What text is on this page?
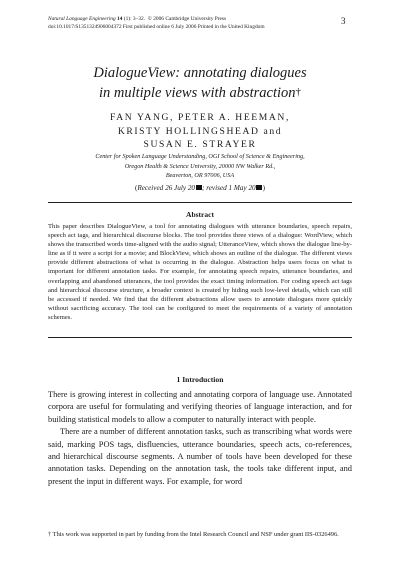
Natural Language Engineering 14 (1): 3–32. © 2006 Cambridge University Press
doi:10.1017/S1351324906004372 First published online 6 July 2006 Printed in the United Kingdom
3
DialogueView: annotating dialogues
in multiple views with abstraction†
FAN YANG, PETER A. HEEMAN,
KRISTY HOLLINGSHEAD and
SUSAN E. STRAYER
Center for Spoken Language Understanding, OGI School of Science & Engineering,
Oregon Health & Science University, 20000 NW Walker Rd.,
Beaverton, OR 97006, USA
(Received 26 July 20 ; revised 1 May 20 )
Abstract
This paper describes DialogueView, a tool for annotating dialogues with utterance boundaries, speech repairs, speech act tags, and hierarchical discourse blocks. The tool provides three views of a dialogue: WordView, which shows the transcribed words time-aligned with the audio signal; UtteranceView, which shows the dialogue line-by-line as if it were a script for a movie; and BlockView, which shows an outline of the dialogue. The different views provide different abstractions of what is occurring in the dialogue. Abstraction helps users focus on what is important for different annotation tasks. For example, for annotating speech repairs, utterance boundaries, and overlapping and abandoned utterances, the tool provides the exact timing information. For coding speech act tags and hierarchical discourse structure, a broader context is created by hiding such low-level details, which can still be accessed if needed. We find that the different abstractions allow users to annotate dialogues more quickly without sacrificing accuracy. The tool can be configured to meet the requirements of a variety of annotation schemes.
1 Introduction

There is growing interest in collecting and annotating corpora of language use. Annotated corpora are useful for formulating and verifying theories of language interaction, and for building statistical models to allow a computer to naturally interact with people.

There are a number of different annotation tasks, such as transcribing what words were said, marking POS tags, disfluencies, utterance boundaries, speech acts, co-references, and hierarchical discourse segments. A number of tools have been developed for these annotation tasks. Depending on the annotation task, the tools take different input, and present the input in different ways. For example, for word

† This work was supported in part by funding from the Intel Research Council and NSF under grant IIS-0326496.
